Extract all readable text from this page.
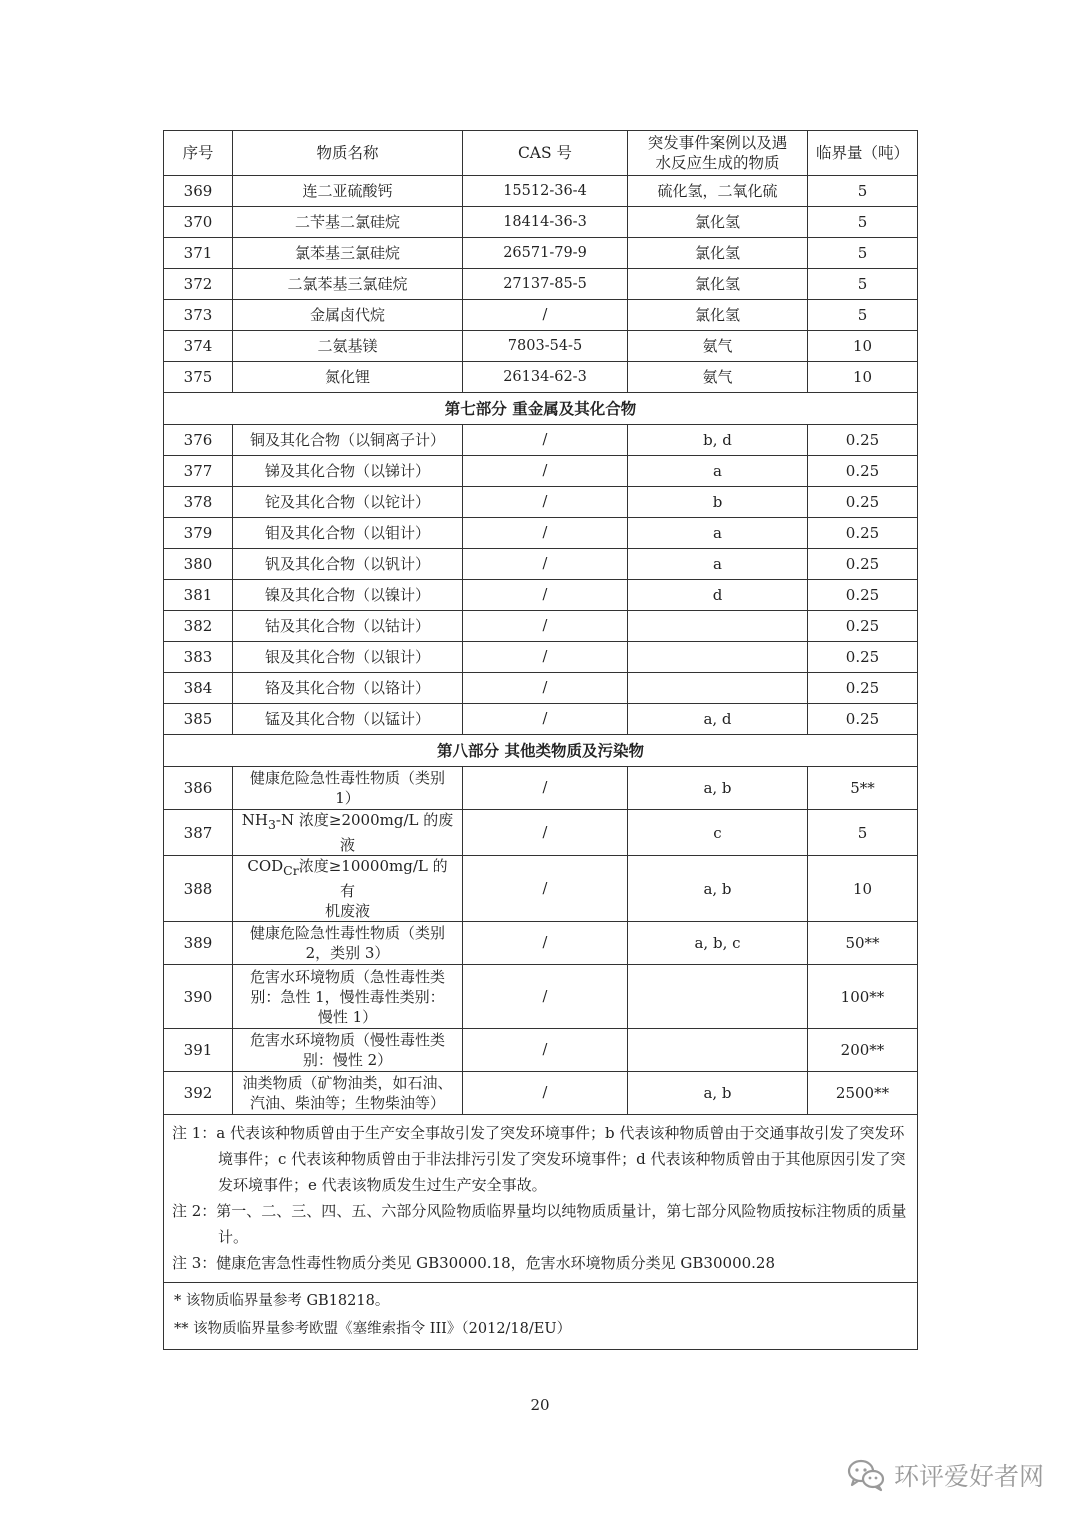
序号	物质名称	CAS 号	突发事件案例以及遇
水反应生成的物质	临界量（吨）
369	连二亚硫酸钙	15512-36-4	硫化氢，二氧化硫	5
370	二苄基二氯硅烷	18414-36-3	氯化氢	5
371	氯苯基三氯硅烷	26571-79-9	氯化氢	5
372	二氯苯基三氯硅烷	27137-85-5	氯化氢	5
373	金属卤代烷	/	氯化氢	5
374	二氨基镁	7803-54-5	氨气	10
375	氮化锂	26134-62-3	氨气	10
第七部分 重金属及其化合物				
376	铜及其化合物（以铜离子计）	/	b, d	0.25
377	锑及其化合物（以锑计）	/	a	0.25
378	铊及其化合物（以铊计）	/	b	0.25
379	钼及其化合物（以钼计）	/	a	0.25
380	钒及其化合物（以钒计）	/	a	0.25
381	镍及其化合物（以镍计）	/	d	0.25
382	钴及其化合物（以钴计）	/		0.25
383	银及其化合物（以银计）	/		0.25
384	铬及其化合物（以铬计）	/		0.25
385	锰及其化合物（以锰计）	/	a, d	0.25
第八部分 其他类物质及污染物				
386	健康危险急性毒性物质（类别
1）	/	a, b	5**
387	$NH_3-N$ 浓度≥2000mg/L 的废
液	/	c	5
388	$COD_{Cr}$浓度≥10000mg/L 的有
机废液	/	a, b	10
389	健康危险急性毒性物质（类别
2，类别 3）	/	a, b, c	50**
390	危害水环境物质（急性毒性类
别：急性 1，慢性毒性类别：
慢性 1）	/		100**
391	危害水环境物质（慢性毒性类
别：慢性 2）	/		200**
392	油类物质（矿物油类，如石油、
汽油、柴油等；生物柴油等）	/	a, b	2500**

注 1：a 代表该种物质曾由于生产安全事故引发了突发环境事件；b 代表该种物质曾由于交通事故引发了突发环境事件；c 代表该种物质曾由于非法排污引发了突发环境事件；d 代表该种物质曾由于其他原因引发了突发环境事件；e 代表该物质发生过生产安全事故。

注 2：第一、二、三、四、五、六部分风险物质临界量均以纯物质质量计，第七部分风险物质按标注物质的质量计。

注 3：健康危害急性毒性物质分类见 GB30000.18，危害水环境物质分类见 GB30000.28				

* 该物质临界量参考 GB18218。

** 该物质临界量参考欧盟《塞维索指令 III》（2012/18/EU）				

20
环评爱好者网
